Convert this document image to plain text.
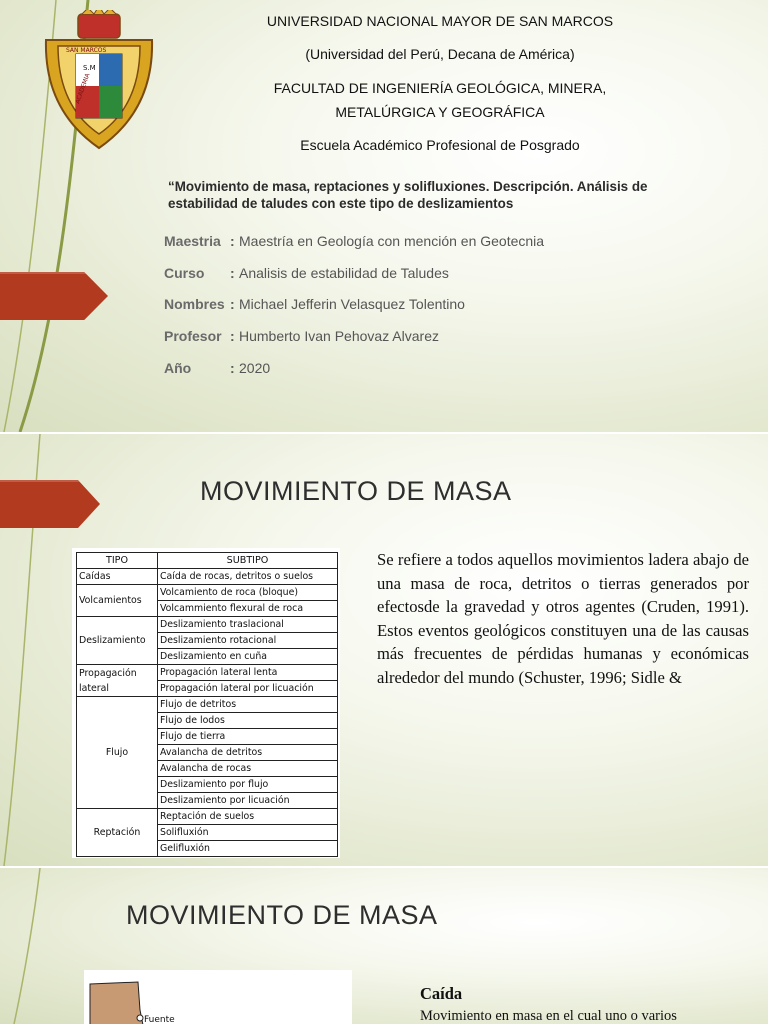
S.M
SAN MARCOS
ACADEMIA
UNIVERSIDAD NACIONAL MAYOR DE SAN MARCOS
(Universidad del Perú, Decana de América)
FACULTAD DE INGENIERÍA GEOLÓGICA, MINERA,
METALÚRGICA Y GEOGRÁFICA
Escuela Académico Profesional de Posgrado
“Movimiento de masa, reptaciones y solifluxiones. Descripción. Análisis de estabilidad de taludes con este tipo de deslizamientos
Maestria : Maestría en Geología con mención en Geotecnia
Curso : Analisis de estabilidad de Taludes
Nombres : Michael Jefferin Velasquez Tolentino
Profesor : Humberto Ivan Pehovaz Alvarez
Año	: 2020
MOVIMIENTO DE MASA
TIPO	SUBTIPO
Caídas	Caída de rocas, detritos o suelos
Volcamientos	Volcamiento de roca (bloque)
	Volcammiento flexural de roca
Deslizamiento	Deslizamiento traslacional
	Deslizamiento rotacional
	Deslizamiento en cuña
Propagación lateral	Propagación lateral lenta
	Propagación lateral por licuación
Flujo	Flujo de detritos
	Flujo de lodos
	Flujo de tierra
	Avalancha de detritos
	Avalancha de rocas
	Deslizamiento por flujo
	Deslizamiento por licuación
Reptación	Reptación de suelos
	Solifluxión
	Gelifluxión
Se refiere a todos aquellos movimientos ladera abajo de una masa de roca, detritos o tierras generados por efectosde la gravedad y otros agentes (Cruden, 1991). Estos eventos geológicos constituyen una de las causas más frecuentes de pérdidas humanas y económicas alrededor del mundo (Schuster, 1996; Sidle &
MOVIMIENTO DE MASA
Fuente
Caída
Movimiento en masa en el cual uno o varios
